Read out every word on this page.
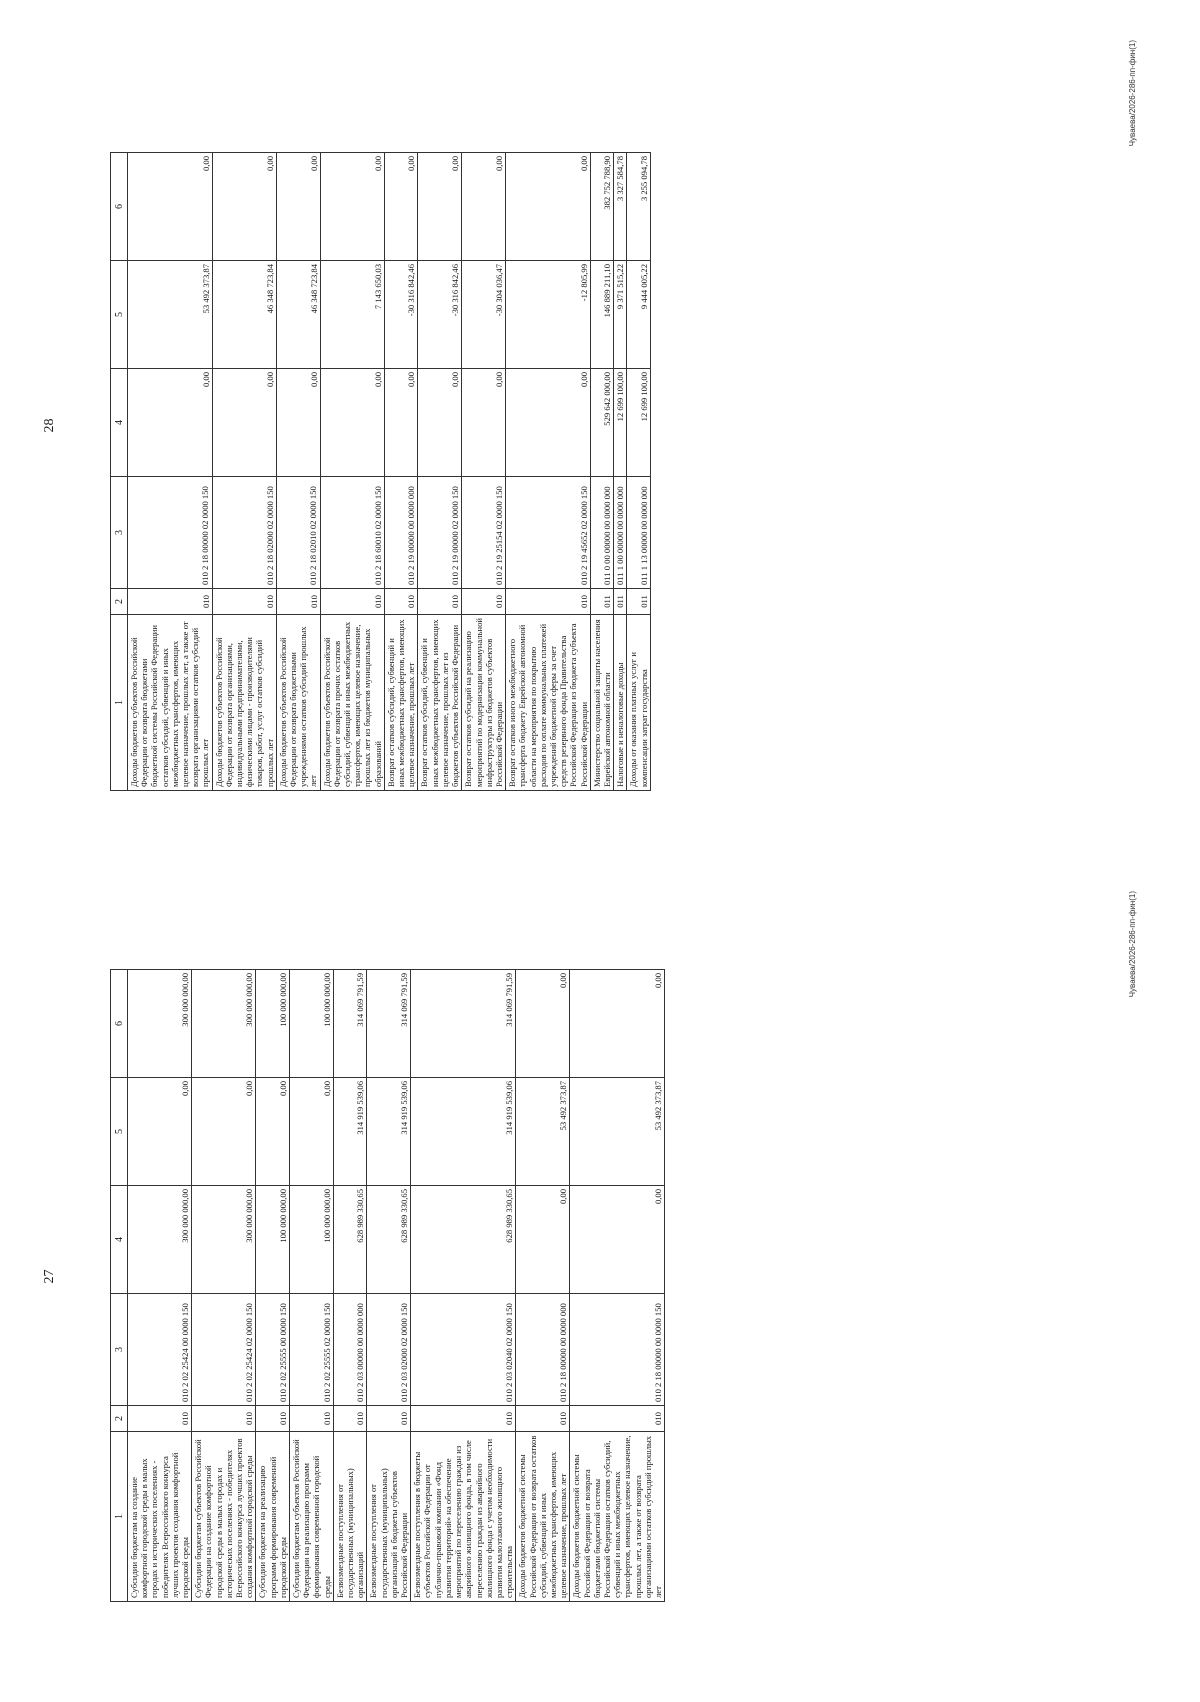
27
1	2	3	4	5	6
Субсидии бюджетам на создание комфортной городской среды в малых городах и исторических поселениях - победителях Всероссийского конкурса лучших проектов создания комфортной городской среды	010	010 2 02 25424 00 0000 150	300 000 000,00	0,00	300 000 000,00
Субсидии бюджетам субъектов Российской Федерации на создание комфортной городской среды в малых городах и исторических поселениях - победителях Всероссийского конкурса лучших проектов создания комфортной городской среды	010	010 2 02 25424 02 0000 150	300 000 000,00	0,00	300 000 000,00
Субсидии бюджетам на реализацию программ формирования современной городской среды	010	010 2 02 25555 00 0000 150	100 000 000,00	0,00	100 000 000,00
Субсидии бюджетам субъектов Российской Федерации на реализацию программ формирования современной городской среды	010	010 2 02 25555 02 0000 150	100 000 000,00	0,00	100 000 000,00
Безвозмездные поступления от государственных (муниципальных) организаций	010	010 2 03 00000 00 0000 000	628 989 330,65	314 919 539,06	314 069 791,59
Безвозмездные поступления от государственных (муниципальных) организаций в бюджеты субъектов Российской Федерации	010	010 2 03 02000 02 0000 150	628 989 330,65	314 919 539,06	314 069 791,59
Безвозмездные поступления в бюджеты субъектов Российской Федерации от публично-правовой компании «Фонд развития территорий» на обеспечение мероприятий по переселению граждан из аварийного жилищного фонда, в том числе переселению граждан из аварийного жилищного фонда с учетом необходимости развития малоэтажного жилищного строительства	010	010 2 03 02040 02 0000 150	628 989 330,65	314 919 539,06	314 069 791,59
Доходы бюджетов бюджетной системы Российской Федерации от возврата остатков субсидий, субвенций и иных межбюджетных трансфертов, имеющих целевое назначение, прошлых лет	010	010 2 18 00000 00 0000 000	0,00	53 492 373,87	0,00
Доходы бюджетов бюджетной системы Российской Федерации от возврата бюджетами бюджетной системы Российской Федерации остатков субсидий, субвенций и иных межбюджетных трансфертов, имеющих целевое назначение, прошлых лет, а также от возврата организациями остатков субсидий прошлых лет	010	010 2 18 00000 00 0000 150	0,00	53 492 373,87	0,00	Чуваева/2026-286-пп-фин(1)
28
1	2	3	4	5	6
Доходы бюджетов субъектов Российской Федерации от возврата бюджетами бюджетной системы Российской Федерации остатков субсидий, субвенций и иных межбюджетных трансфертов, имеющих целевое назначение, прошлых лет, а также от возврата организациями остатков субсидий прошлых лет	010	010 2 18 00000 02 0000 150	0,00	53 492 373,87	0,00
Доходы бюджетов субъектов Российской Федерации от возврата организациями, индивидуальными предпринимателями, физическими лицами - производителями товаров, работ, услуг остатков субсидий прошлых лет	010	010 2 18 02000 02 0000 150	0,00	46 348 723,84	0,00
Доходы бюджетов субъектов Российской Федерации от возврата бюджетными учреждениями остатков субсидий прошлых лет	010	010 2 18 02010 02 0000 150	0,00	46 348 723,84	0,00
Доходы бюджетов субъектов Российской Федерации от возврата прочих остатков субсидий, субвенций и иных межбюджетных трансфертов, имеющих целевое назначение, прошлых лет из бюджетов муниципальных образований	010	010 2 18 60010 02 0000 150	0,00	7 143 650,03	0,00
Возврат остатков субсидий, субвенций и иных межбюджетных трансфертов, имеющих целевое назначение, прошлых лет	010	010 2 19 00000 00 0000 000	0,00	-30 316 842,46	0,00
Возврат остатков субсидий, субвенций и иных межбюджетных трансфертов, имеющих целевое назначение, прошлых лет из бюджетов субъектов Российской Федерации	010	010 2 19 00000 02 0000 150	0,00	-30 316 842,46	0,00
Возврат остатков субсидий на реализацию мероприятий по модернизации коммунальной инфраструктуры из бюджетов субъектов Российской Федерации	010	010 2 19 25154 02 0000 150	0,00	-30 304 036,47	0,00
Возврат остатков иного межбюджетного трансферта бюджету Еврейской автономной области на мероприятия по покрытию расходов по оплате коммунальных платежей учреждений бюджетной сферы за счет средств резервного фонда Правительства Российской Федерации из бюджета субъекта Российской Федерации	010	010 2 19 45652 02 0000 150	0,00	-12 805,99	0,00
Министерство социальной защиты населения Еврейской автономной области	011	011 0 00 00000 00 0000 000	529 642 000,00	146 889 211,10	382 752 788,90
Налоговые и неналоговые доходы	011	011 1 00 00000 00 0000 000	12 699 100,00	9 371 515,22	3 327 584,78
Доходы от оказания платных услуг и компенсации затрат государства	011	011 1 13 00000 00 0000 000	12 699 100,00	9 444 005,22	3 255 094,78
Чуваева/2026-286-пп-фин(1)
